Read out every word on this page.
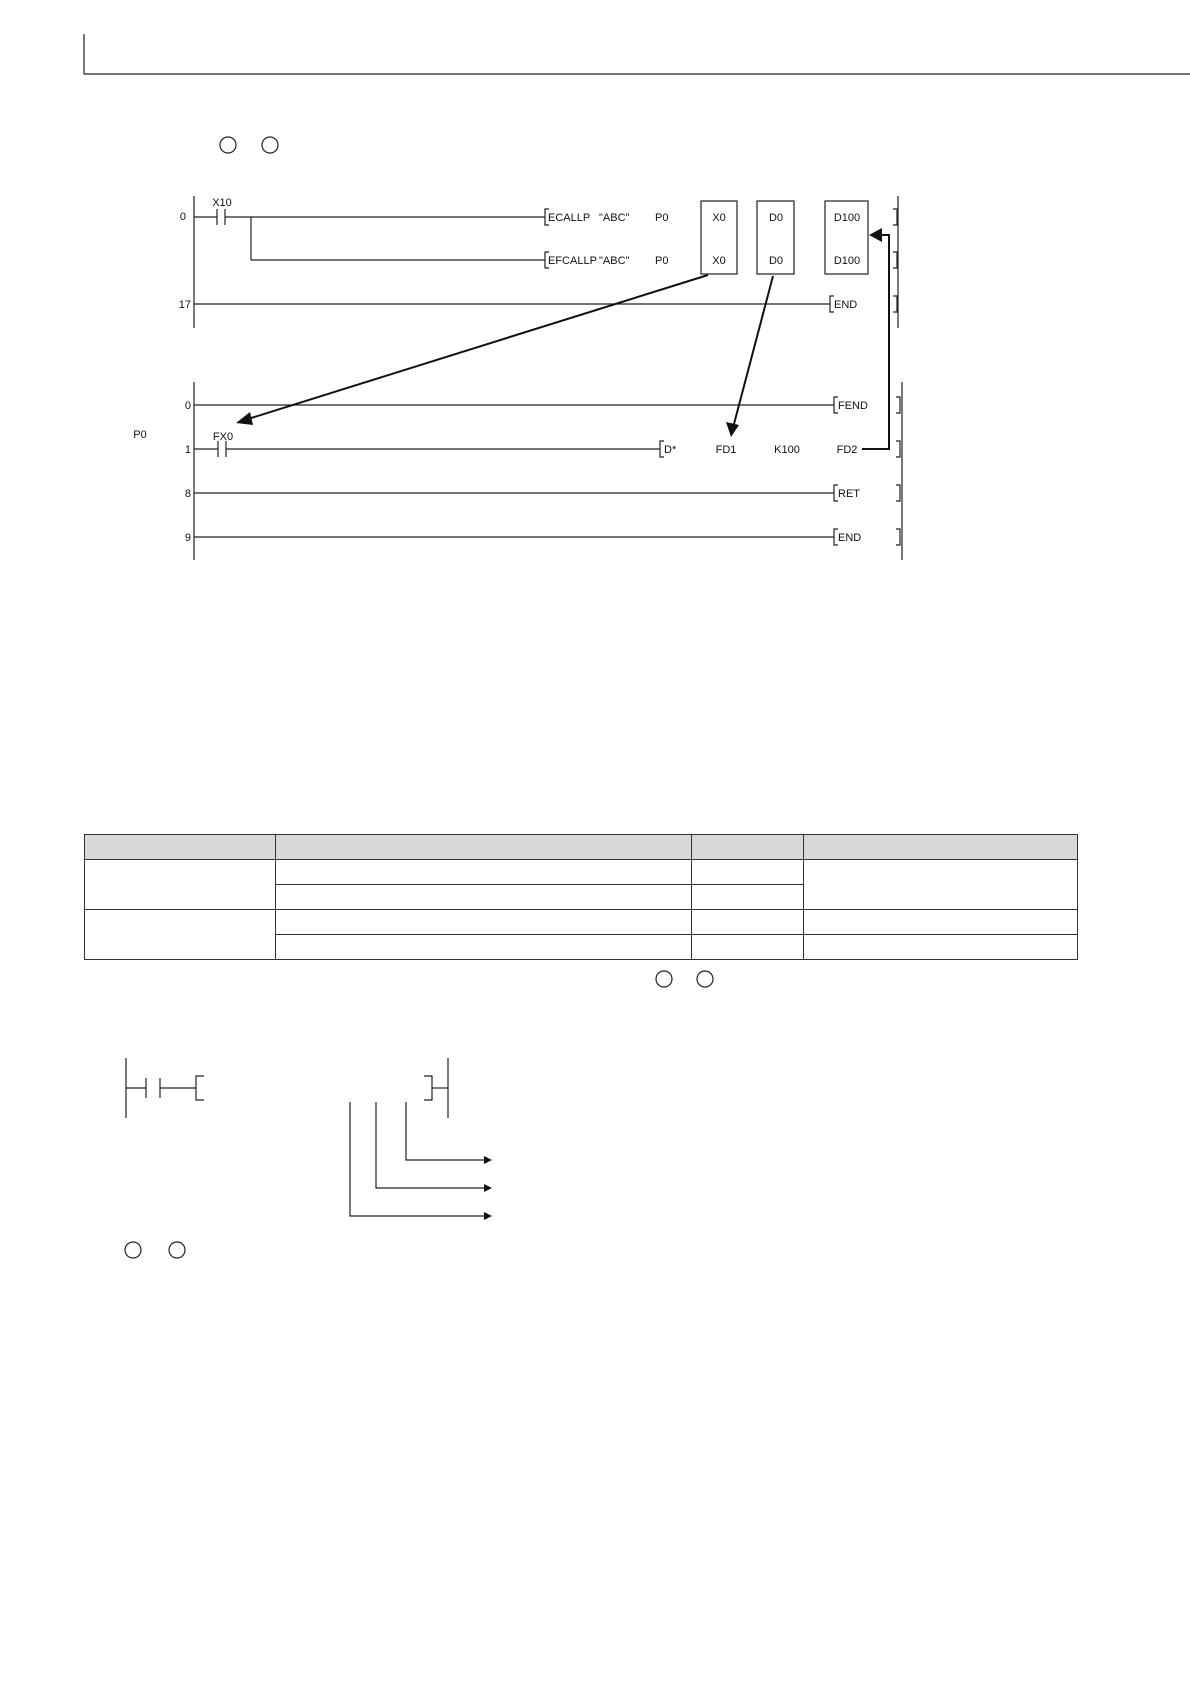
0
17
X10
ECALLP "ABC" P0	X0	D0	D100
EFCALLP "ABC" P0	X0	D0	D100
END
P0
0
1
8
9
FEND
FX0
D*	FD1	K100	FD2
RET
END
